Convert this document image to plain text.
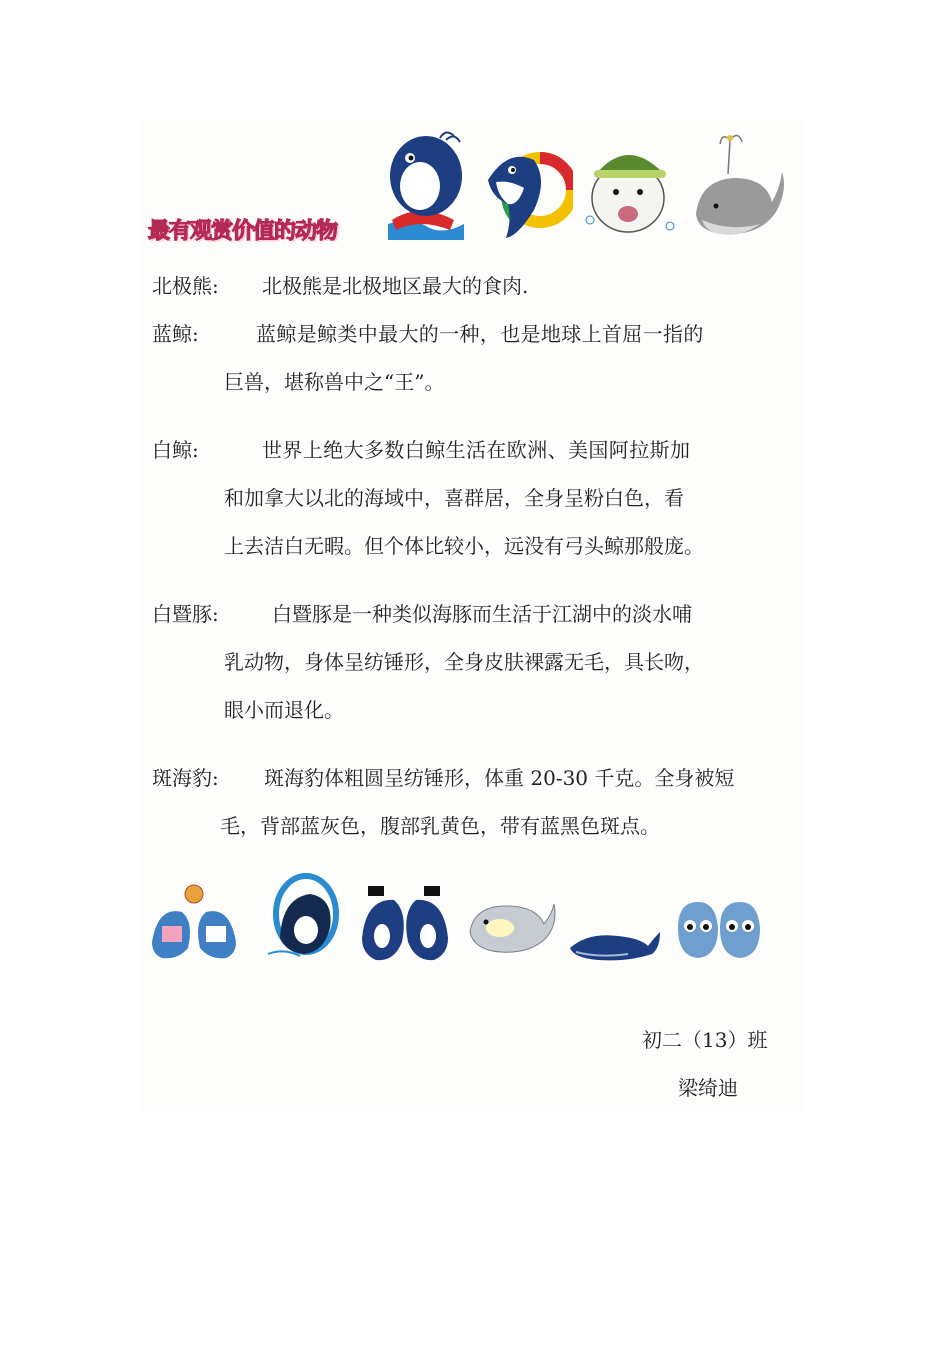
最有观赏价值的动物
北极熊: 北极熊是北极地区最大的食肉.
蓝鲸:	蓝鲸是鲸类中最大的一种，也是地球上首屈一指的
巨兽，堪称兽中之“王”。
白鲸:	世界上绝大多数白鲸生活在欧洲、美国阿拉斯加
和加拿大以北的海域中，喜群居，全身呈粉白色，看
上去洁白无暇。但个体比较小，远没有弓头鲸那般庞。
白暨豚:	白暨豚是一种类似海豚而生活于江湖中的淡水哺
乳动物，身体呈纺锤形，全身皮肤裸露无毛，具长吻，
眼小而退化。
斑海豹: 斑海豹体粗圆呈纺锤形，体重 20-30 千克。全身被短
毛，背部蓝灰色，腹部乳黄色，带有蓝黑色斑点。
初二（13）班
梁绮迪
